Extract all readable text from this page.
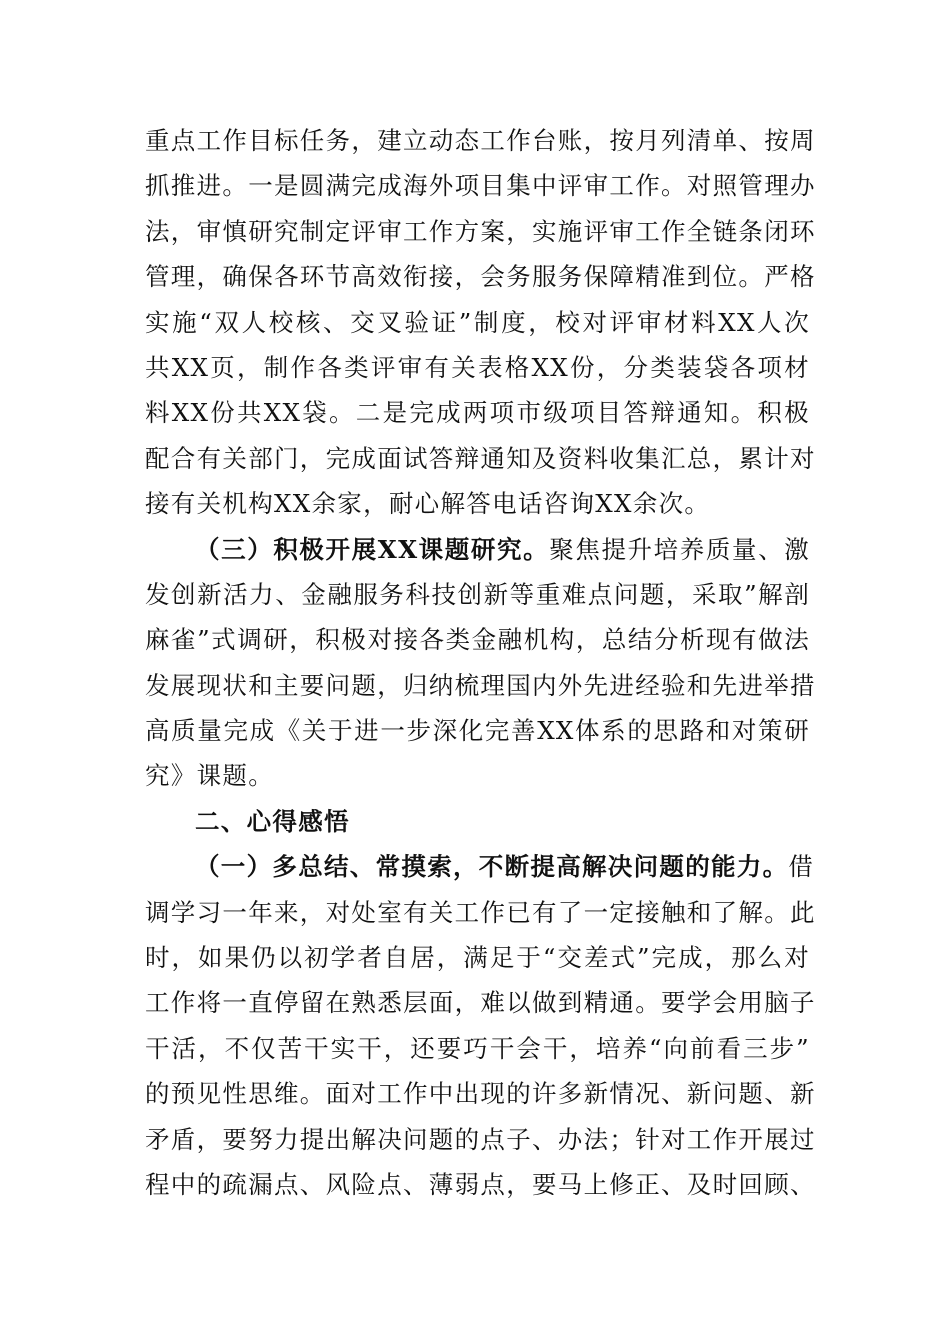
重点工作目标任务，建立动态工作台账，按月列清单、按周
抓推进。一是圆满完成海外项目集中评审工作。对照管理办
法，审慎研究制定评审工作方案，实施评审工作全链条闭环
管理，确保各环节高效衔接，会务服务保障精准到位。严格
实施“双人校核、交叉验证”制度，校对评审材料XX人次
共XX页，制作各类评审有关表格XX份，分类装袋各项材
料XX份共XX袋。二是完成两项市级项目答辩通知。积极
配合有关部门，完成面试答辩通知及资料收集汇总，累计对
接有关机构XX余家，耐心解答电话咨询XX余次。
（三）积极开展XX课题研究。聚焦提升培养质量、激
发创新活力、金融服务科技创新等重难点问题，采取”解剖
麻雀”式调研，积极对接各类金融机构，总结分析现有做法
发展现状和主要问题，归纳梳理国内外先进经验和先进举措
高质量完成《关于进一步深化完善XX体系的思路和对策研
究》课题。
二、心得感悟
（一）多总结、常摸索，不断提高解决问题的能力。借
调学习一年来，对处室有关工作已有了一定接触和了解。此
时，如果仍以初学者自居，满足于“交差式”完成，那么对
工作将一直停留在熟悉层面，难以做到精通。要学会用脑子
干活，不仅苦干实干，还要巧干会干，培养“向前看三步”
的预见性思维。面对工作中出现的许多新情况、新问题、新
矛盾，要努力提出解决问题的点子、办法；针对工作开展过
程中的疏漏点、风险点、薄弱点，要马上修正、及时回顾、
